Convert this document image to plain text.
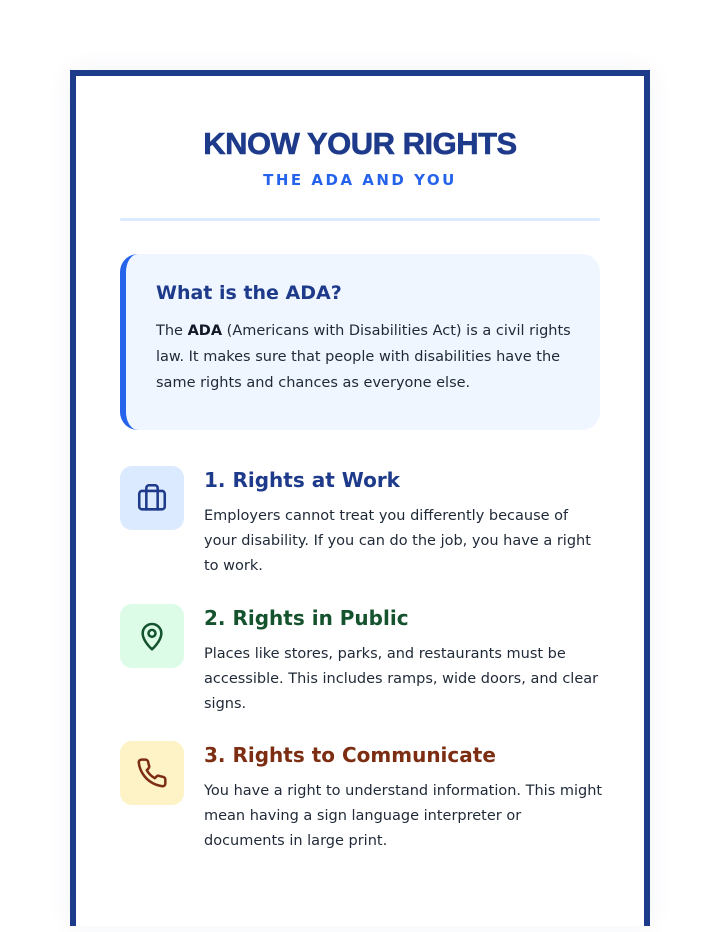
KNOW YOUR RIGHTS
THE ADA AND YOU
What is the ADA?

The ADA (Americans with Disabilities Act) is a civil rights law. It makes sure that people with disabilities have the same rights and chances as everyone else.

1. Rights at Work

Employers cannot treat you differently because of your disability. If you can do the job, you have a right to work.

2. Rights in Public

Places like stores, parks, and restaurants must be accessible. This includes ramps, wide doors, and clear signs.

3. Rights to Communicate

You have a right to understand information. This might mean having a sign language interpreter or documents in large print.
